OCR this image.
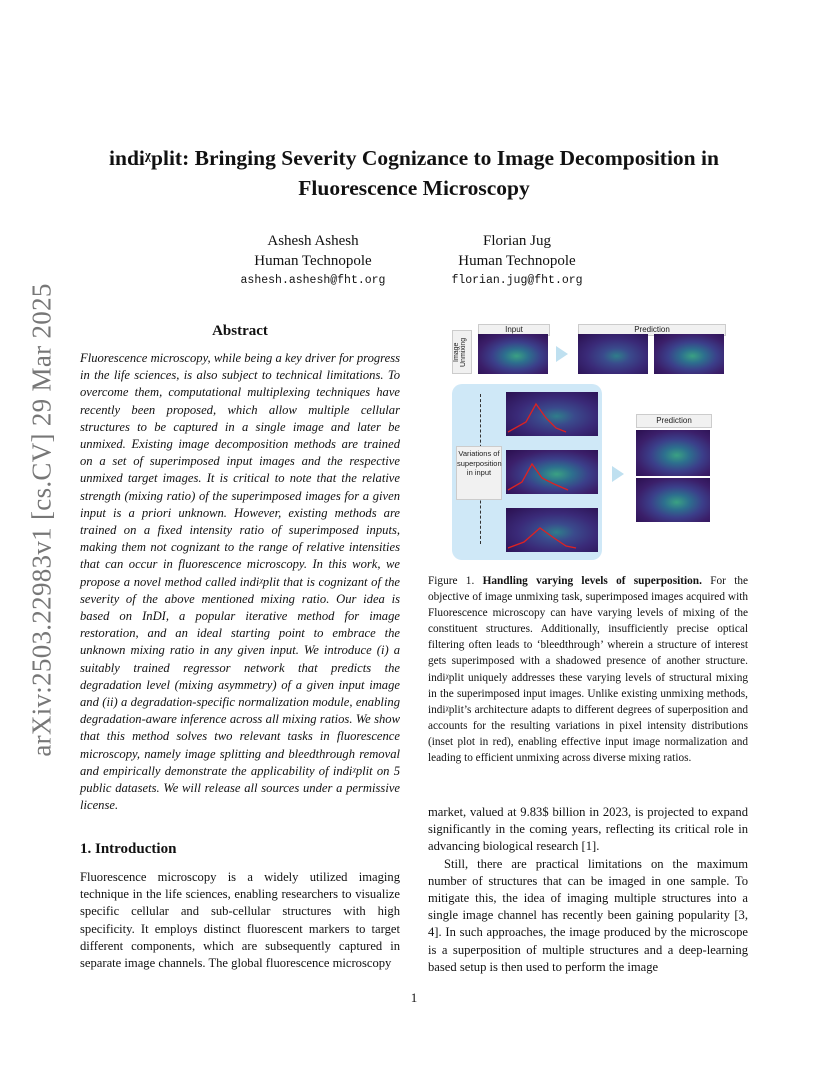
arXiv:2503.22983v1 [cs.CV] 29 Mar 2025
indiᵡplit: Bringing Severity Cognizance to Image Decomposition in Fluorescence Microscopy
Ashesh Ashesh
Human Technopole
ashesh.ashesh@fht.org
Florian Jug
Human Technopole
florian.jug@fht.org
Abstract
Fluorescence microscopy, while being a key driver for progress in the life sciences, is also subject to technical limitations. To overcome them, computational multiplexing techniques have recently been proposed, which allow multiple cellular structures to be captured in a single image and later be unmixed. Existing image decomposition methods are trained on a set of superimposed input images and the respective unmixed target images. It is critical to note that the relative strength (mixing ratio) of the superimposed images for a given input is a priori unknown. However, existing methods are trained on a fixed intensity ratio of superimposed inputs, making them not cognizant to the range of relative intensities that can occur in fluorescence microscopy. In this work, we propose a novel method called indiᵡplit that is cognizant of the severity of the above mentioned mixing ratio. Our idea is based on InDI, a popular iterative method for image restoration, and an ideal starting point to embrace the unknown mixing ratio in any given input. We introduce (i) a suitably trained regressor network that predicts the degradation level (mixing asymmetry) of a given input image and (ii) a degradation-specific normalization module, enabling degradation-aware inference across all mixing ratios. We show that this method solves two relevant tasks in fluorescence microscopy, namely image splitting and bleedthrough removal and empirically demonstrate the applicability of indiᵡplit on 5 public datasets. We will release all sources under a permissive license.
1. Introduction
Fluorescence microscopy is a widely utilized imaging technique in the life sciences, enabling researchers to visualize specific cellular and sub-cellular structures with high specificity. It employs distinct fluorescent markers to target different components, which are subsequently captured in separate image channels. The global fluorescence microscopy
Image Unmixing
Input	Prediction
Variations of superposition in input
Prediction
Figure 1. Handling varying levels of superposition. For the objective of image unmixing task, superimposed images acquired with Fluorescence microscopy can have varying levels of mixing of the constituent structures. Additionally, insufficiently precise optical filtering often leads to ‘bleedthrough’ wherein a structure of interest gets superimposed with a shadowed presence of another structure. indiᵡplit uniquely addresses these varying levels of structural mixing in the superimposed input images. Unlike existing unmixing methods, indiᵡplit’s architecture adapts to different degrees of superposition and accounts for the resulting variations in pixel intensity distributions (inset plot in red), enabling effective input image normalization and leading to efficient unmixing across diverse mixing ratios.

market, valued at 9.83$ billion in 2023, is projected to expand significantly in the coming years, reflecting its critical role in advancing biological research [1].

Still, there are practical limitations on the maximum number of structures that can be imaged in one sample. To mitigate this, the idea of imaging multiple structures into a single image channel has recently been gaining popularity [3, 4]. In such approaches, the image produced by the microscope is a superposition of multiple structures and a deep-learning based setup is then used to perform the image

1
